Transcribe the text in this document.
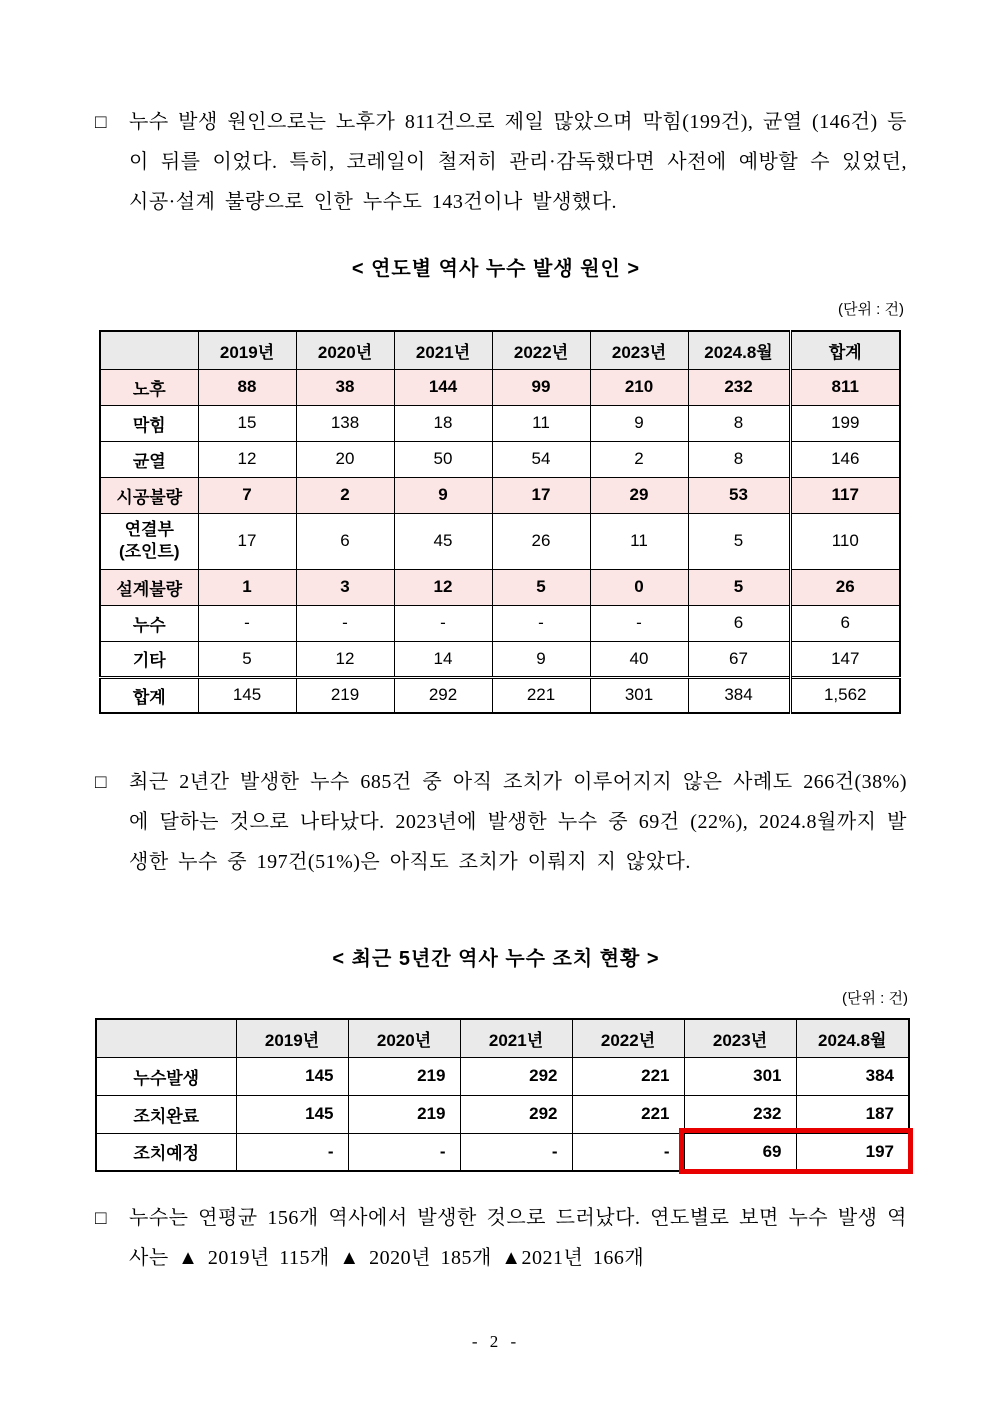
□ 누수 발생 원인으로는 노후가 811건으로 제일 많았으며 막힘(199건), 균열 (146건) 등이 뒤를 이었다. 특히, 코레일이 철저히 관리·감독했다면 사전에 예방할 수 있었던, 시공·설계 불량으로 인한 누수도 143건이나 발생했다.
< 연도별 역사 누수 발생 원인 >
(단위 : 건)
	2019년	2020년	2021년	2022년	2023년	2024.8월	합계
노후	88	38	144	99	210	232	811
막힘	15	138	18	11	9	8	199
균열	12	20	50	54	2	8	146
시공불량	7	2	9	17	29	53	117
연결부
(조인트)	17	6	45	26	11	5	110
설계불량	1	3	12	5	0	5	26
누수	-	-	-	-	-	6	6
기타	5	12	14	9	40	67	147
합계	145	219	292	221	301	384	1,562
□ 최근 2년간 발생한 누수 685건 중 아직 조치가 이루어지지 않은 사례도 266건(38%)에 달하는 것으로 나타났다. 2023년에 발생한 누수 중 69건 (22%), 2024.8월까지 발생한 누수 중 197건(51%)은 아직도 조치가 이뤄지 지 않았다.
< 최근 5년간 역사 누수 조치 현황 >
(단위 : 건)
	2019년	2020년	2021년	2022년	2023년	2024.8월
누수발생	145	219	292	221	301	384
조치완료	145	219	292	221	232	187
조치예정	-	-	-	-	69	197
□ 누수는 연평균 156개 역사에서 발생한 것으로 드러났다. 연도별로 보면 누수 발생 역사는 ▲ 2019년 115개 ▲ 2020년 185개 ▲2021년 166개
- 2 -
